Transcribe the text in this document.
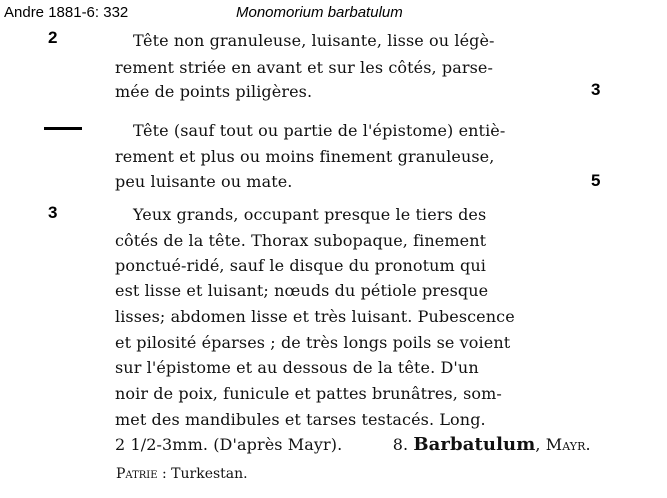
Andre 1881-6: 332	Monomorium barbatulum
2	Tête non granuleuse, luisante, lisse ou légè-
rement striée en avant et sur les côtés, parse-
mée de points piligères.	3
Tête (sauf tout ou partie de l'épistome) entiè-
rement et plus ou moins finement granuleuse,
peu luisante ou mate.	5
3	Yeux grands, occupant presque le tiers des
côtés de la tête. Thorax subopaque, finement
ponctué-ridé, sauf le disque du pronotum qui
est lisse et luisant; nœuds du pétiole presque
lisses; abdomen lisse et très luisant. Pubescence
et pilosité éparses ; de très longs poils se voient
sur l'épistome et au dessous de la tête. D'un
noir de poix, funicule et pattes brunâtres, som-
met des mandibules et tarses testacés. Long.
2 1/2-3mm. (D'après Mayr).	8. Barbatulum, Mayr.
Patrie : Turkestan.
